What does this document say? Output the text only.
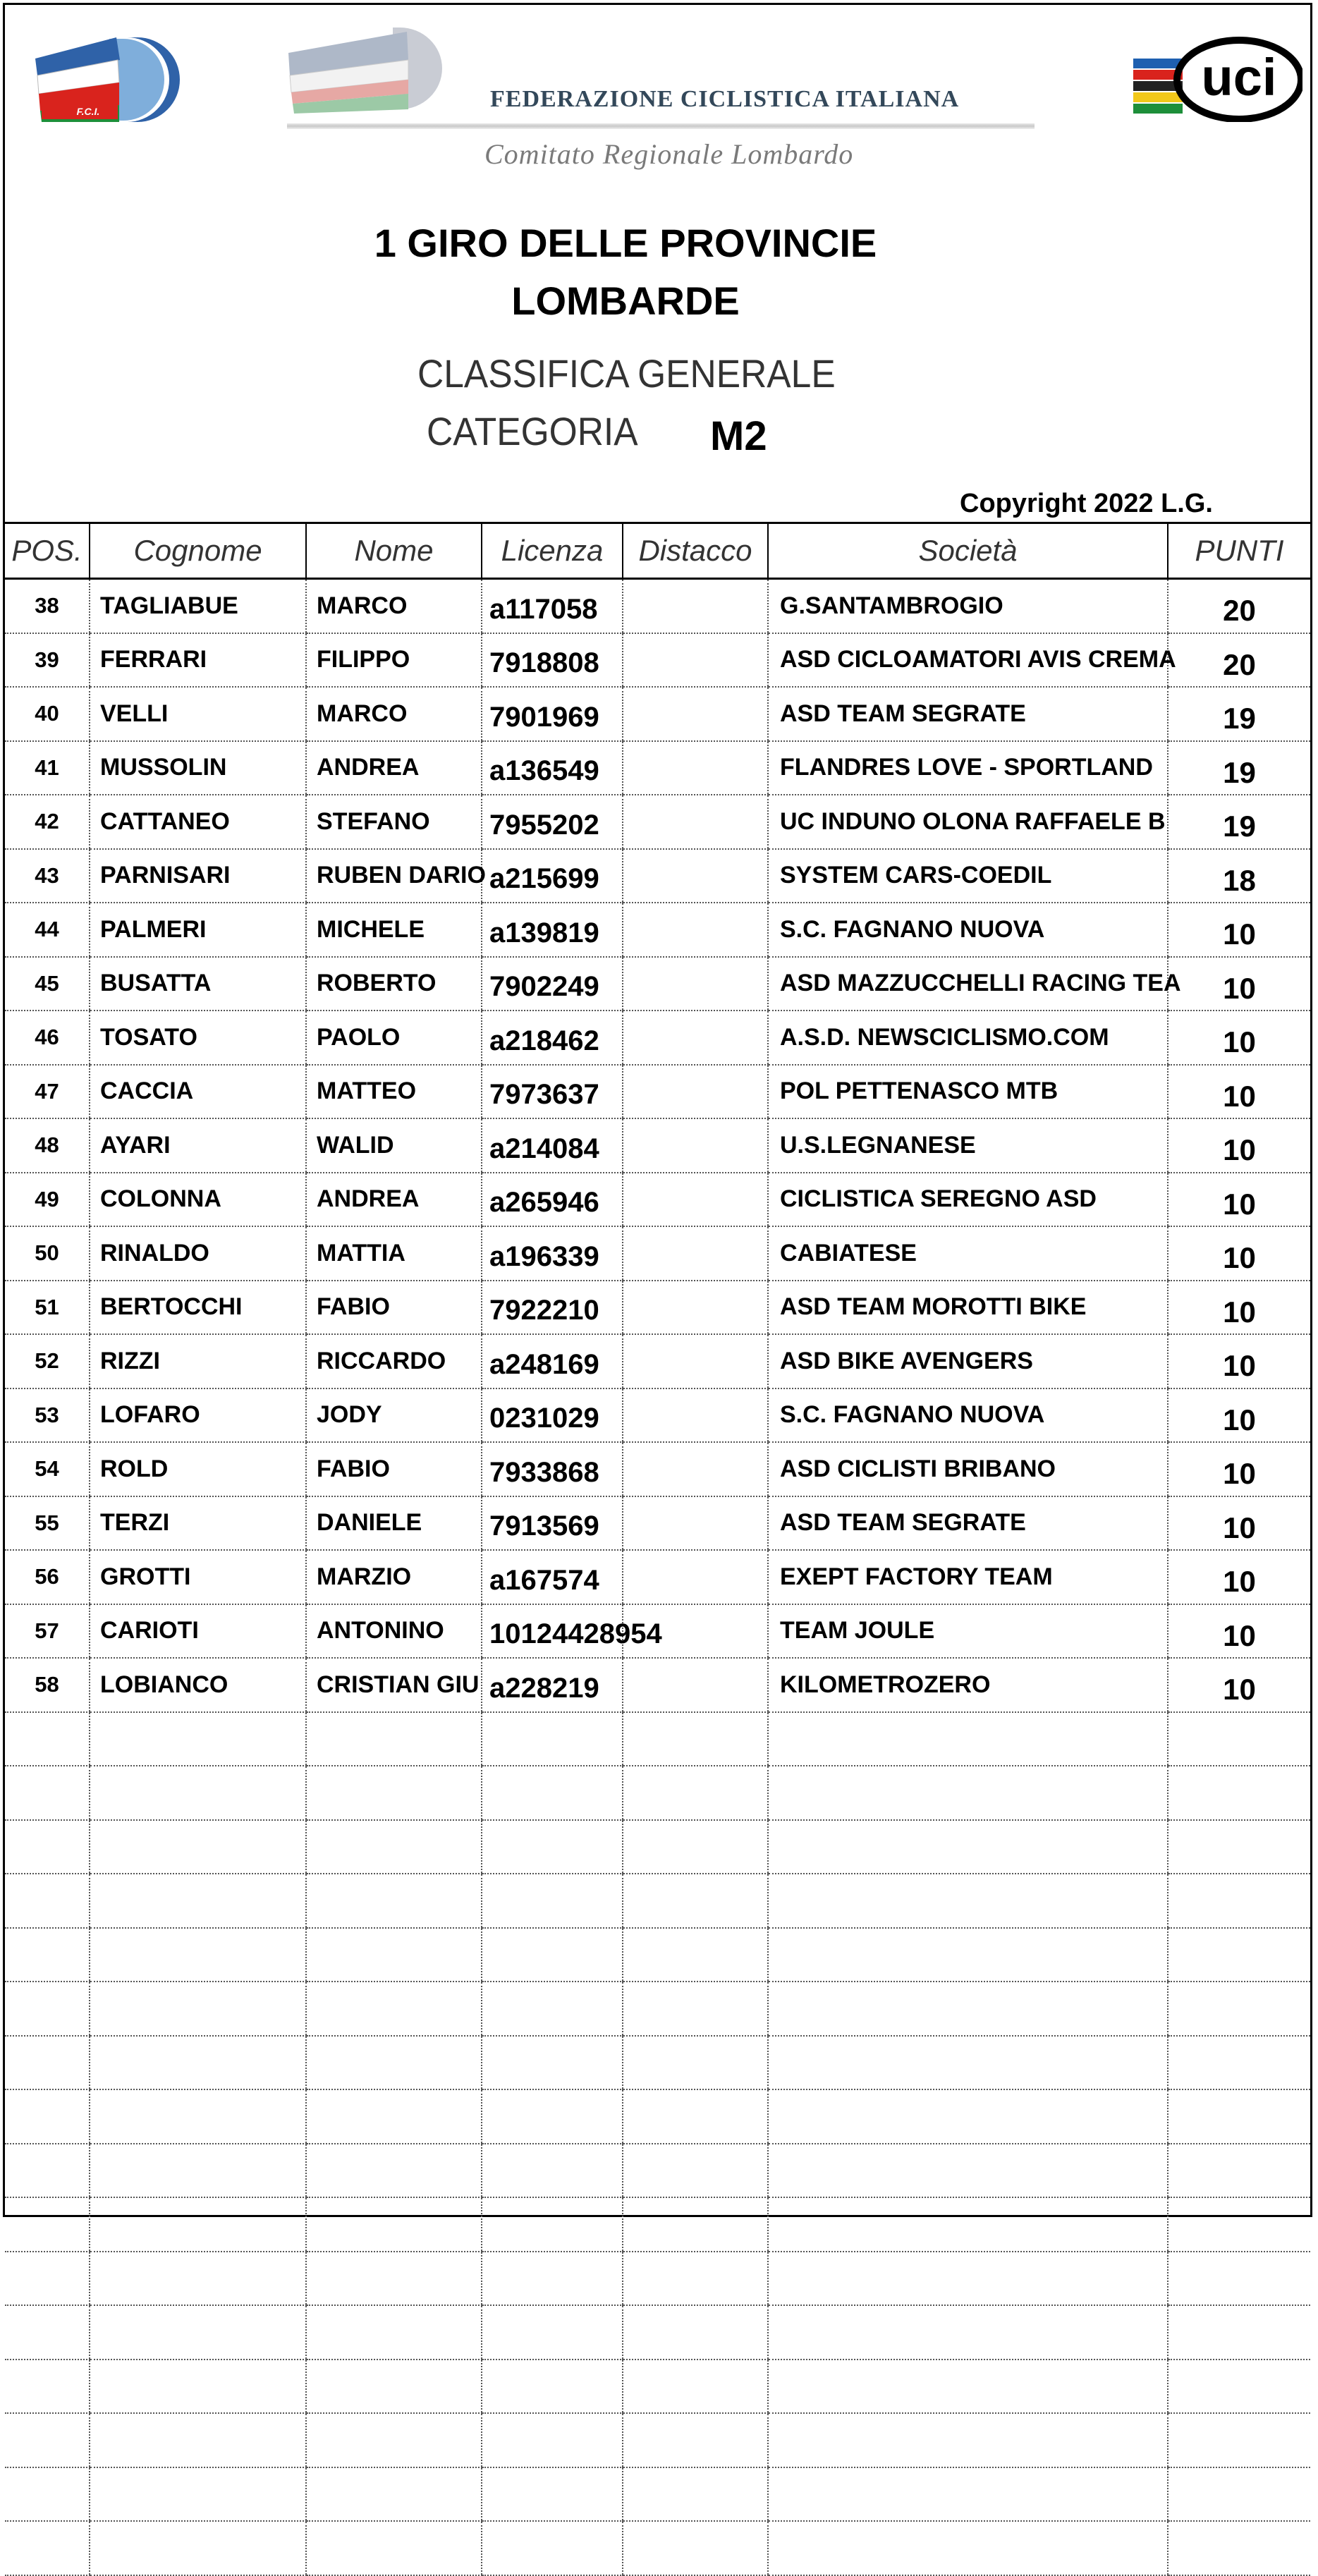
F.C.I.	FEDERAZIONE CICLISTICA ITALIANA
Comitato Regionale Lombardo
uci
1 GIRO DELLE PROVINCIE
LOMBARDE
CLASSIFICA GENERALE
CATEGORIA M2
Copyright 2022 L.G.
POS.	Cognome	Nome	Licenza	Distacco	Società	PUNTI
38	TAGLIABUE	MARCO	a117058		G.SANTAMBROGIO	20
39	FERRARI	FILIPPO	7918808		ASD CICLOAMATORI AVIS CREMA	20
40	VELLI	MARCO	7901969		ASD TEAM SEGRATE	19
41	MUSSOLIN	ANDREA	a136549		FLANDRES LOVE - SPORTLAND	19
42	CATTANEO	STEFANO	7955202		UC INDUNO OLONA RAFFAELE B	19
43	PARNISARI	RUBEN DARIO	a215699		SYSTEM CARS-COEDIL	18
44	PALMERI	MICHELE	a139819		S.C. FAGNANO NUOVA	10
45	BUSATTA	ROBERTO	7902249		ASD MAZZUCCHELLI RACING TEA	10
46	TOSATO	PAOLO	a218462		A.S.D. NEWSCICLISMO.COM	10
47	CACCIA	MATTEO	7973637		POL PETTENASCO MTB	10
48	AYARI	WALID	a214084		U.S.LEGNANESE	10
49	COLONNA	ANDREA	a265946		CICLISTICA SEREGNO ASD	10
50	RINALDO	MATTIA	a196339		CABIATESE	10
51	BERTOCCHI	FABIO	7922210		ASD TEAM MOROTTI BIKE	10
52	RIZZI	RICCARDO	a248169		ASD BIKE AVENGERS	10
53	LOFARO	JODY	0231029		S.C. FAGNANO NUOVA	10
54	ROLD	FABIO	7933868		ASD CICLISTI BRIBANO	10
55	TERZI	DANIELE	7913569		ASD TEAM SEGRATE	10
56	GROTTI	MARZIO	a167574		EXEPT FACTORY TEAM	10
57	CARIOTI	ANTONINO	10124428954		TEAM JOULE	10
58	LOBIANCO	CRISTIAN GIU	a228219		KILOMETROZERO	10
